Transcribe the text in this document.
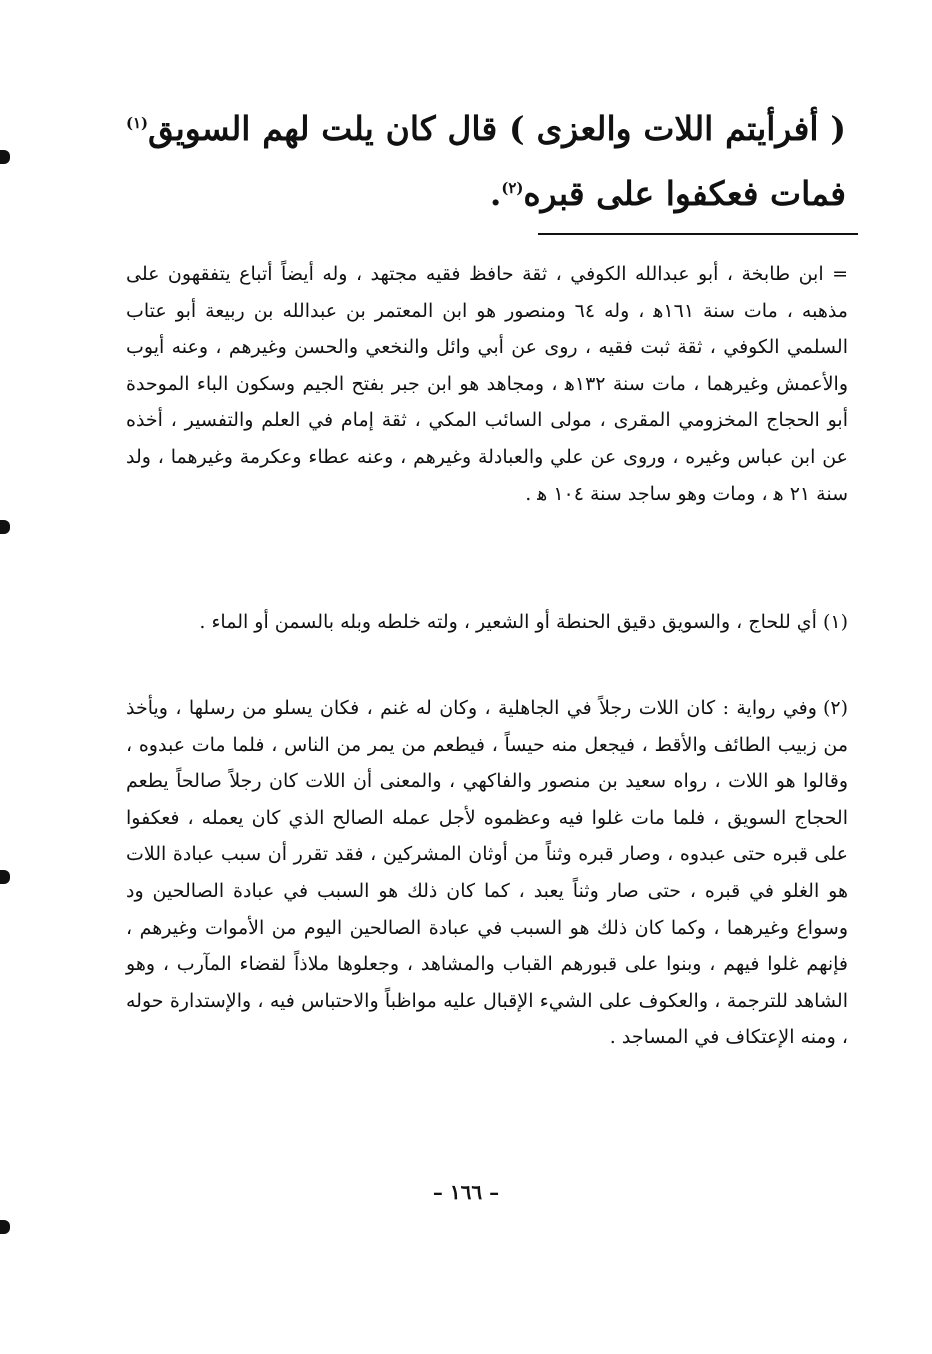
( أفرأيتم اللات والعزى ) قال كان يلت لهم السويق$^{(١)}$ فمات فعكفوا على قبره$^{(٢)}$.
= ابن طابخة ، أبو عبدالله الكوفي ، ثقة حافظ فقيه مجتهد ، وله أيضاً أتباع يتفقهون على مذهبه ، مات سنة ١٦١ﻫ ، وله ٦٤ ومنصور هو ابن المعتمر بن عبدالله بن ربيعة أبو عتاب السلمي الكوفي ، ثقة ثبت فقيه ، روى عن أبي وائل والنخعي والحسن وغيرهم ، وعنه أيوب والأعمش وغيرهما ، مات سنة ١٣٢ﻫ ، ومجاهد هو ابن جبر بفتح الجيم وسكون الباء الموحدة أبو الحجاج المخزومي المقرى ، مولى السائب المكي ، ثقة إمام في العلم والتفسير ، أخذه عن ابن عباس وغيره ، وروى عن علي والعبادلة وغيرهم ، وعنه عطاء وعكرمة وغيرهما ، ولد سنة ٢١ ﻫ ، ومات وهو ساجد سنة ١٠٤ ﻫ .
(١)أي للحاج ، والسويق دقيق الحنطة أو الشعير ، ولته خلطه وبله بالسمن أو الماء .
(٢)وفي رواية : كان اللات رجلاً في الجاهلية ، وكان له غنم ، فكان يسلو من رسلها ، ويأخذ من زبيب الطائف والأقط ، فيجعل منه حيساً ، فيطعم من يمر من الناس ، فلما مات عبدوه ، وقالوا هو اللات ، رواه سعيد بن منصور والفاكهي ، والمعنى أن اللات كان رجلاً صالحاً يطعم الحجاج السويق ، فلما مات غلوا فيه وعظموه لأجل عمله الصالح الذي كان يعمله ، فعكفوا على قبره حتى عبدوه ، وصار قبره وثناً من أوثان المشركين ، فقد تقرر أن سبب عبادة اللات هو الغلو في قبره ، حتى صار وثناً يعبد ، كما كان ذلك هو السبب في عبادة الصالحين ود وسواع وغيرهما ، وكما كان ذلك هو السبب في عبادة الصالحين اليوم من الأموات وغيرهم ، فإنهم غلوا فيهم ، وبنوا على قبورهم القباب والمشاهد ، وجعلوها ملاذاً لقضاء المآرب ، وهو الشاهد للترجمة ، والعكوف على الشيء الإقبال عليه مواظباً والاحتباس فيه ، والإستدارة حوله ، ومنه الإعتكاف في المساجد .
– ١٦٦ –
